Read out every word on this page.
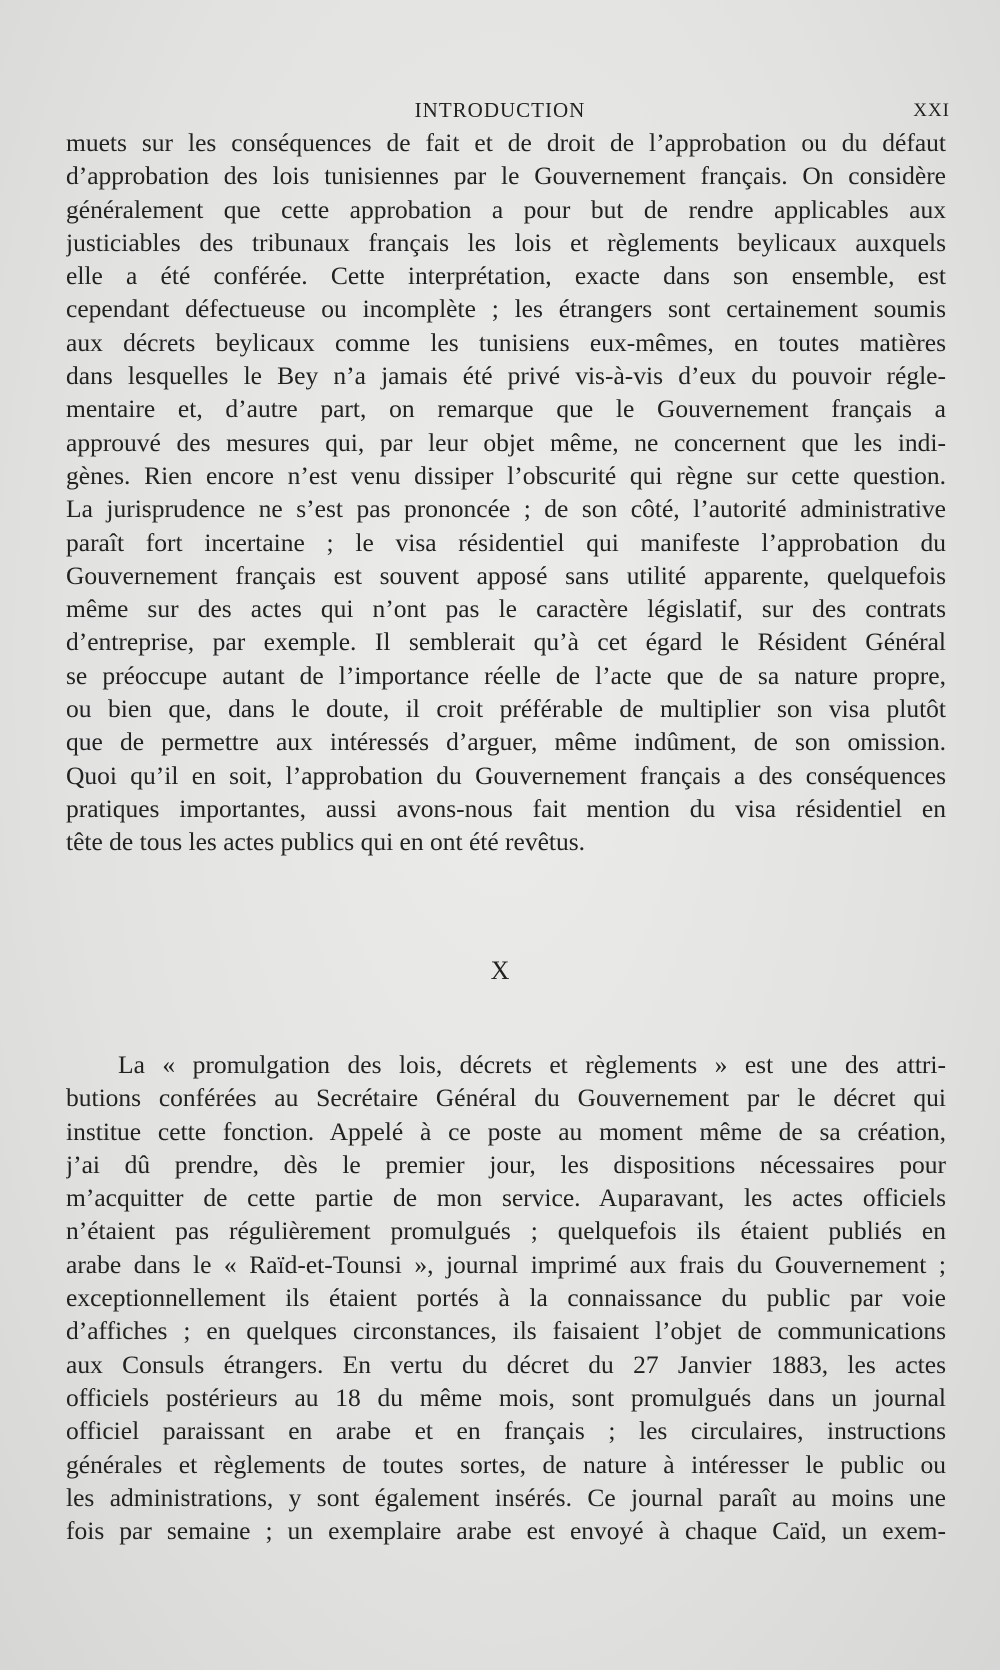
INTRODUCTION	XXI
muets sur les conséquences de fait et de droit de l’approbation ou du défaut
d’approbation des lois tunisiennes par le Gouvernement français. On considère
généralement que cette approbation a pour but de rendre applicables aux
justiciables des tribunaux français les lois et règlements beylicaux auxquels
elle a été conférée. Cette interprétation, exacte dans son ensemble, est
cependant défectueuse ou incomplète ; les étrangers sont certainement soumis
aux décrets beylicaux comme les tunisiens eux-mêmes, en toutes matières
dans lesquelles le Bey n’a jamais été privé vis-à-vis d’eux du pouvoir régle-
mentaire et, d’autre part, on remarque que le Gouvernement français a
approuvé des mesures qui, par leur objet même, ne concernent que les indi-
gènes. Rien encore n’est venu dissiper l’obscurité qui règne sur cette question.
La jurisprudence ne s’est pas prononcée ; de son côté, l’autorité administrative
paraît fort incertaine ; le visa résidentiel qui manifeste l’approbation du
Gouvernement français est souvent apposé sans utilité apparente, quelquefois
même sur des actes qui n’ont pas le caractère législatif, sur des contrats
d’entreprise, par exemple. Il semblerait qu’à cet égard le Résident Général
se préoccupe autant de l’importance réelle de l’acte que de sa nature propre,
ou bien que, dans le doute, il croit préférable de multiplier son visa plutôt
que de permettre aux intéressés d’arguer, même indûment, de son omission.
Quoi qu’il en soit, l’approbation du Gouvernement français a des conséquences
pratiques importantes, aussi avons-nous fait mention du visa résidentiel en
tête de tous les actes publics qui en ont été revêtus.
X
La « promulgation des lois, décrets et règlements » est une des attri-
butions conférées au Secrétaire Général du Gouvernement par le décret qui
institue cette fonction. Appelé à ce poste au moment même de sa création,
j’ai dû prendre, dès le premier jour, les dispositions nécessaires pour
m’acquitter de cette partie de mon service. Auparavant, les actes officiels
n’étaient pas régulièrement promulgués ; quelquefois ils étaient publiés en
arabe dans le « Raïd-et-Tounsi », journal imprimé aux frais du Gouvernement ;
exceptionnellement ils étaient portés à la connaissance du public par voie
d’affiches ; en quelques circonstances, ils faisaient l’objet de communications
aux Consuls étrangers. En vertu du décret du 27 Janvier 1883, les actes
officiels postérieurs au 18 du même mois, sont promulgués dans un journal
officiel paraissant en arabe et en français ; les circulaires, instructions
générales et règlements de toutes sortes, de nature à intéresser le public ou
les administrations, y sont également insérés. Ce journal paraît au moins une
fois par semaine ; un exemplaire arabe est envoyé à chaque Caïd, un exem-
